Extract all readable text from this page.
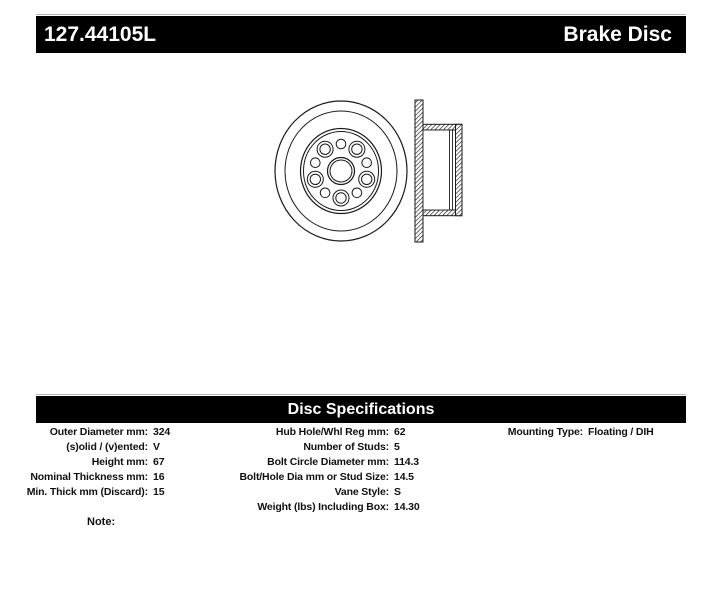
127.44105L	Brake Disc
Disc Specifications
Outer Diameter mm: 324
(s)olid / (v)ented: V
Height mm: 67
Nominal Thickness mm: 16
Min. Thick mm (Discard): 15
Hub Hole/Whl Reg mm: 62
Number of Studs: 5
Bolt Circle Diameter mm: 114.3
Bolt/Hole Dia mm or Stud Size: 14.5
Vane Style: S
Weight (lbs) Including Box: 14.30
Mounting Type: Floating / DIH
Note:
